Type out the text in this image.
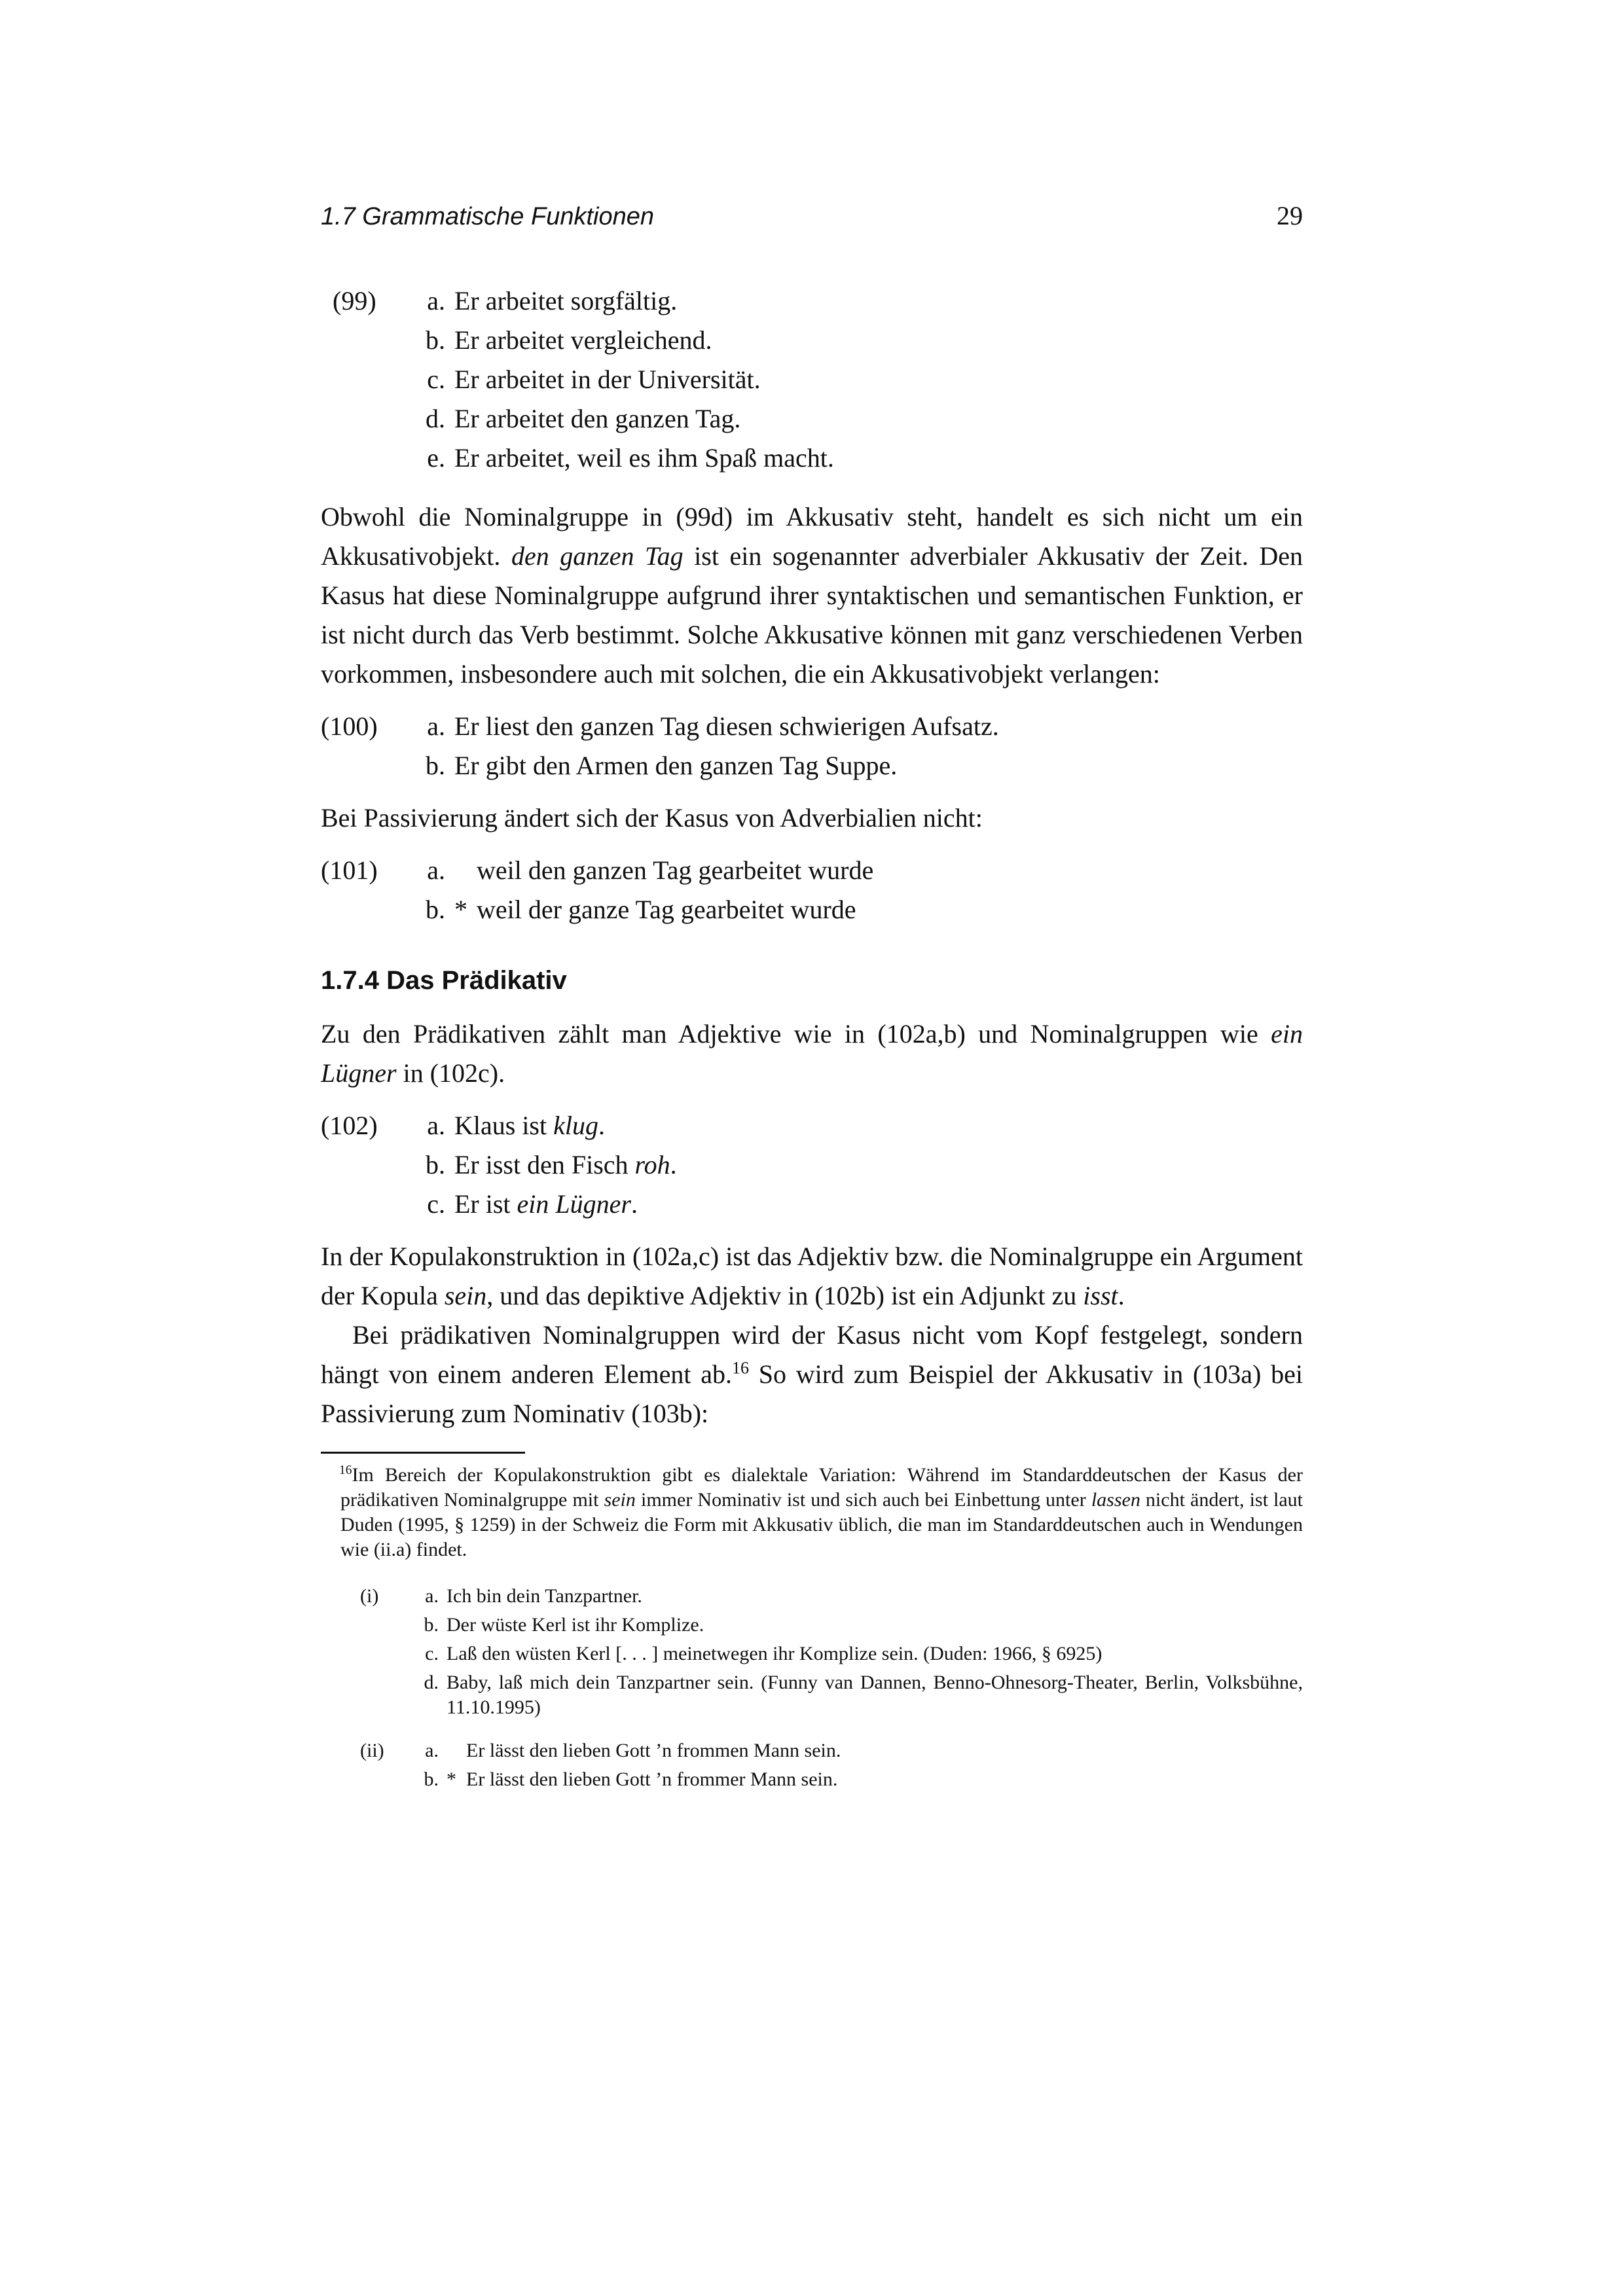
1.7 Grammatische Funktionen	29
(99)	a. Er arbeitet sorgfältig.
b. Er arbeitet vergleichend.
c. Er arbeitet in der Universität.
d. Er arbeitet den ganzen Tag.
e. Er arbeitet, weil es ihm Spaß macht.

Obwohl die Nominalgruppe in (99d) im Akkusativ steht, handelt es sich nicht um ein Akkusativobjekt. den ganzen Tag ist ein sogenannter adverbialer Akkusativ der Zeit. Den Kasus hat diese Nominalgruppe aufgrund ihrer syntaktischen und semantischen Funktion, er ist nicht durch das Verb bestimmt. Solche Akkusative können mit ganz verschiedenen Verben vorkommen, insbesondere auch mit solchen, die ein Akkusativobjekt verlangen:

(100)	a. Er liest den ganzen Tag diesen schwierigen Aufsatz.
b. Er gibt den Armen den ganzen Tag Suppe.

Bei Passivierung ändert sich der Kasus von Adverbialien nicht:

(101)	a. weil den ganzen Tag gearbeitet wurde
b. * weil der ganze Tag gearbeitet wurde
1.7.4 Das Prädikativ

Zu den Prädikativen zählt man Adjektive wie in (102a,b) und Nominalgruppen wie ein Lügner in (102c).

(102)	a. Klaus ist klug.
b. Er isst den Fisch roh.
c. Er ist ein Lügner.

In der Kopulakonstruktion in (102a,c) ist das Adjektiv bzw. die Nominalgruppe ein Argument der Kopula sein, und das depiktive Adjektiv in (102b) ist ein Adjunkt zu isst.

Bei prädikativen Nominalgruppen wird der Kasus nicht vom Kopf festgelegt, sondern hängt von einem anderen Element ab.$^{16}$ So wird zum Beispiel der Akkusativ in (103a) bei Passivierung zum Nominativ (103b):

$^{16}$Im Bereich der Kopulakonstruktion gibt es dialektale Variation: Während im Standarddeutschen der Kasus der prädikativen Nominalgruppe mit sein immer Nominativ ist und sich auch bei Einbettung unter lassen nicht ändert, ist laut Duden (1995, § 1259) in der Schweiz die Form mit Akkusativ üblich, die man im Standarddeutschen auch in Wendungen wie (ii.a) findet.

(i)	a. Ich bin dein Tanzpartner.
b. Der wüste Kerl ist ihr Komplize.
c. Laß den wüsten Kerl [. . . ] meinetwegen ihr Komplize sein. (Duden: 1966, § 6925)
d. Baby, laß mich dein Tanzpartner sein. (Funny van Dannen, Benno-Ohnesorg-Theater, Berlin, Volksbühne, 11.10.1995)
(ii)	a. Er lässt den lieben Gott ’n frommen Mann sein.
b. * Er lässt den lieben Gott ’n frommer Mann sein.
